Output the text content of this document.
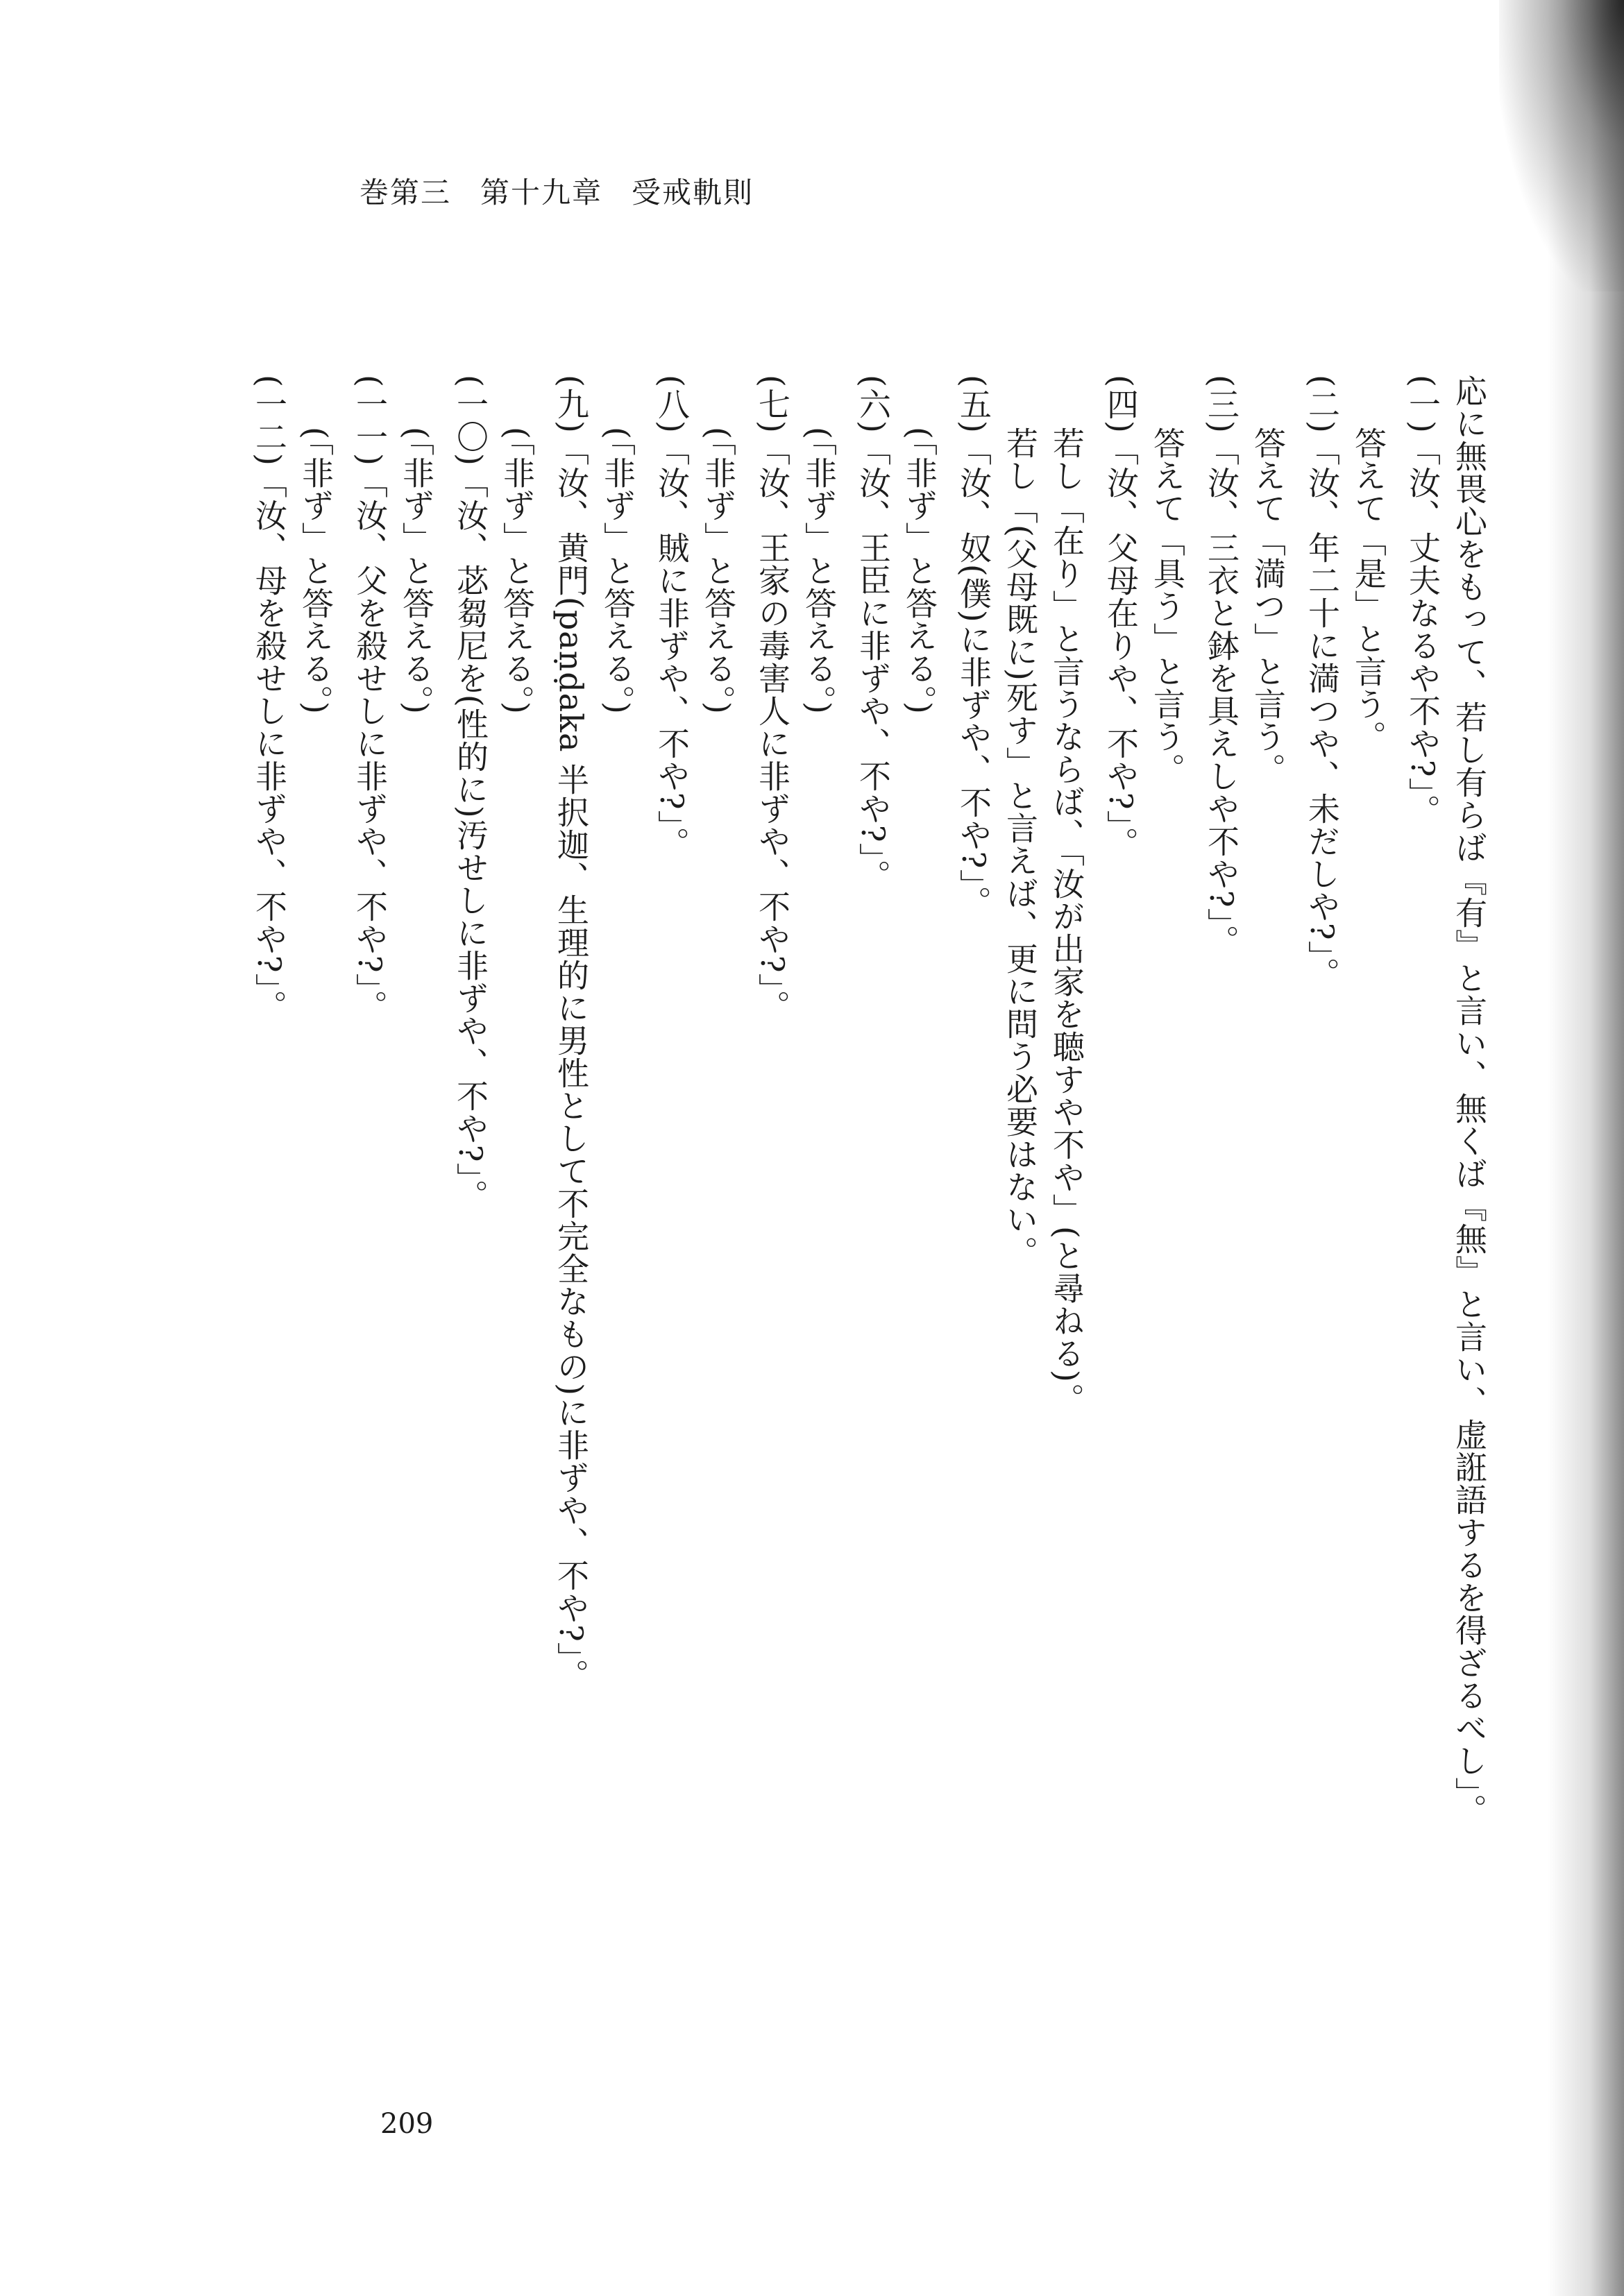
巻第三 第十九章 受戒軌則
応に無畏心をもって、若し有らば『有』と言い、無くば『無』と言い、虚誑語するを得ざるべし」。
(一)「汝、丈夫なるや不や?」。
答えて「是」と言う。
(二)「汝、年二十に満つや、未だしや?」。
答えて「満つ」と言う。
(三)「汝、三衣と鉢を具えしや不や?」。
答えて「具う」と言う。
(四)「汝、父母在りや、不や?」。
若し「在り」と言うならば、「汝が出家を聴すや不や」(と尋ねる)。
若し「(父母既に)死す」と言えば、更に問う必要はない。
(五)「汝、奴(僕)に非ずや、不や?」。
(「非ず」と答える。)
(六)「汝、王臣に非ずや、不や?」。
(「非ず」と答える。)
(七)「汝、王家の毒害人に非ずや、不や?」。
(「非ず」と答える。)
(八)「汝、賊に非ずや、不や?」。
(「非ず」と答える。)
(九)「汝、黄門(paṇḍaka 半択迦、生理的に男性として不完全なもの)に非ずや、不や?」。
(「非ず」と答える。)
(一〇)「汝、苾芻尼を(性的に)汚せしに非ずや、不や?」。
(「非ず」と答える。)
(一一)「汝、父を殺せしに非ずや、不や?」。
(「非ず」と答える。)
(一二)「汝、母を殺せしに非ずや、不や?」。
209
